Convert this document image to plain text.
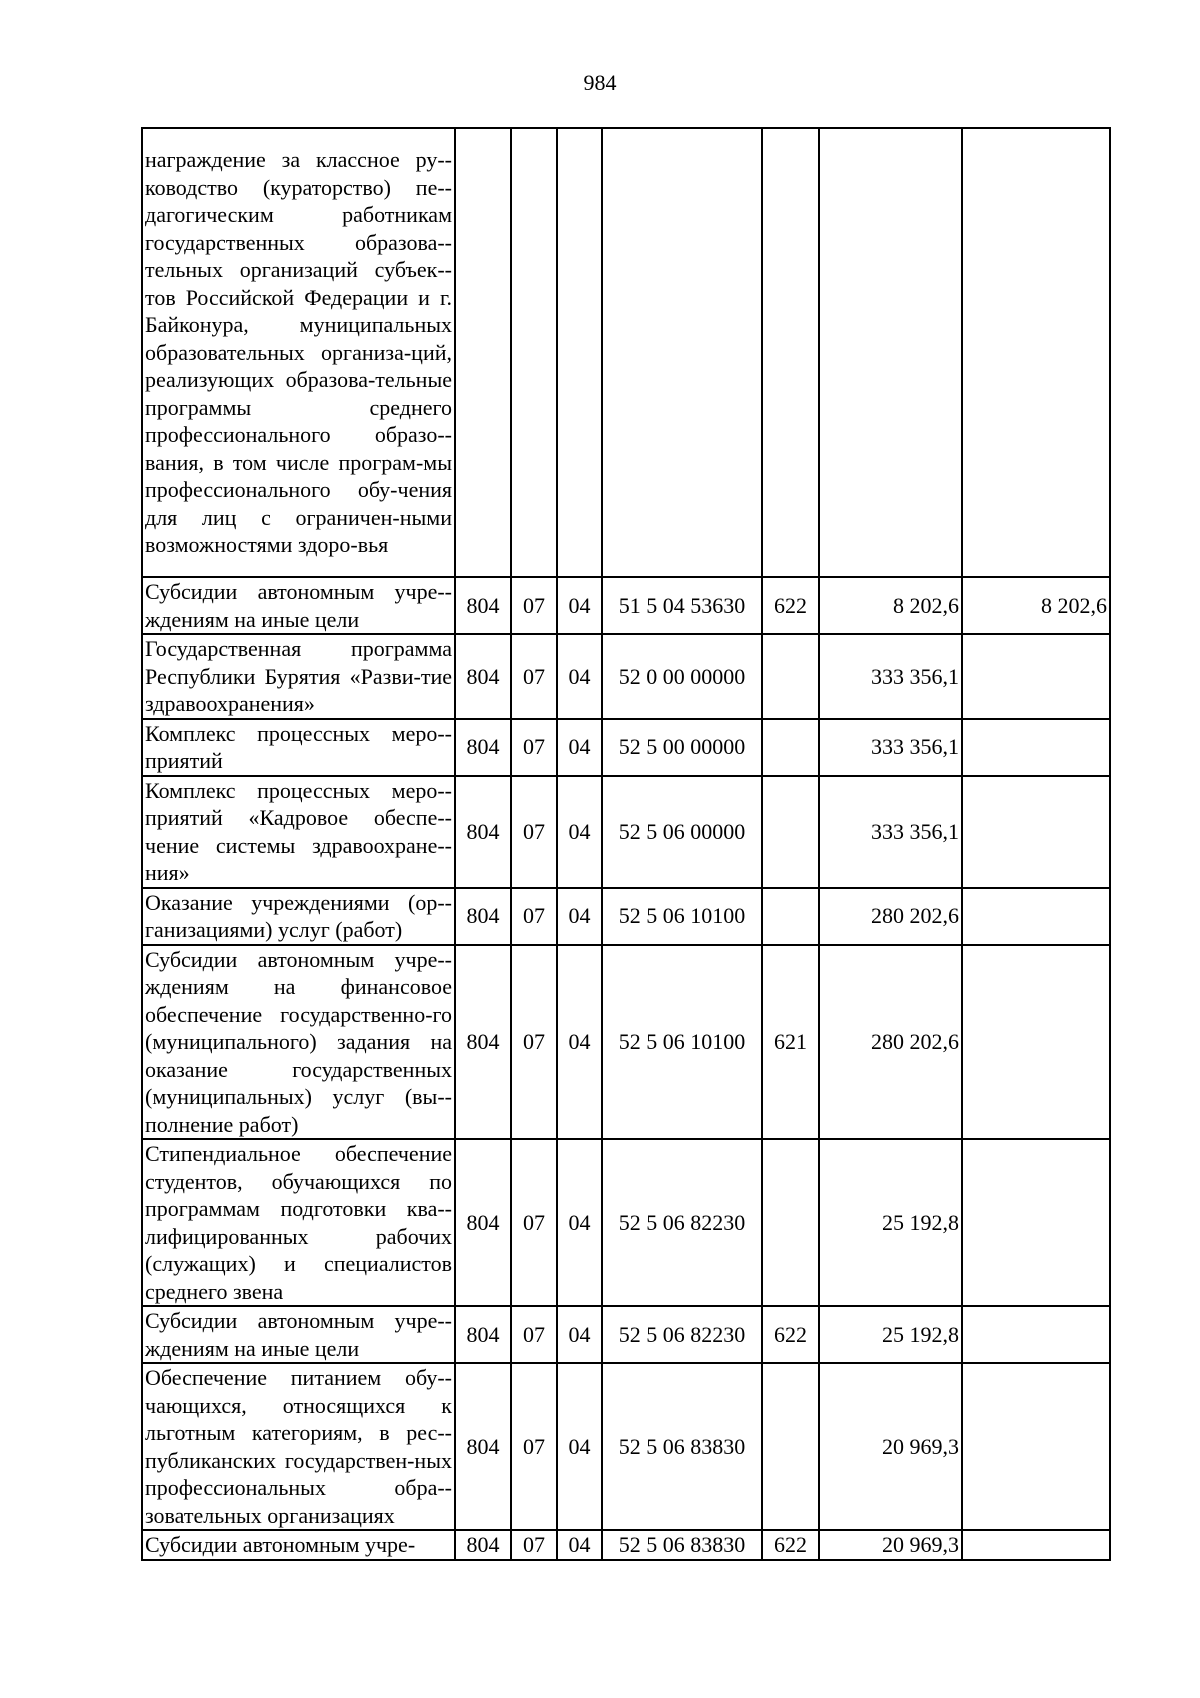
984
награждение за классное ру-ководство (кураторство) пе-дагогическим работникам государственных образова-тельных организаций субъек-тов Российской Федерации и г. Байконура, муниципальных образовательных организа-ций, реализующих образова-тельные программы среднего профессионального образо-вания, в том числе програм-мы профессионального обу-чения для лиц с ограничен-ными возможностями здоро-вья							
Субсидии автономным учре-ждениям на иные цели	804	07	04	51 5 04 53630	622	8 202,6	8 202,6
Государственная программа Республики Бурятия «Разви-тие здравоохранения»	804	07	04	52 0 00 00000		333 356,1	
Комплекс процессных меро-приятий	804	07	04	52 5 00 00000		333 356,1	
Комплекс процессных меро-приятий «Кадровое обеспе-чение системы здравоохране-ния»	804	07	04	52 5 06 00000		333 356,1	
Оказание учреждениями (ор-ганизациями) услуг (работ)	804	07	04	52 5 06 10100		280 202,6	
Субсидии автономным учре-ждениям на финансовое обеспечение государственно-го (муниципального) задания на оказание государственных (муниципальных) услуг (вы-полнение работ)	804	07	04	52 5 06 10100	621	280 202,6	
Стипендиальное обеспечение студентов, обучающихся по программам подготовки ква-лифицированных рабочих (служащих) и специалистов среднего звена	804	07	04	52 5 06 82230		25 192,8	
Субсидии автономным учре-ждениям на иные цели	804	07	04	52 5 06 82230	622	25 192,8	
Обеспечение питанием обу-чающихся, относящихся к льготным категориям, в рес-публиканских государствен-ных профессиональных обра-зовательных организациях	804	07	04	52 5 06 83830		20 969,3	
Субсидии автономным учре-	804	07	04	52 5 06 83830	622	20 969,3	
